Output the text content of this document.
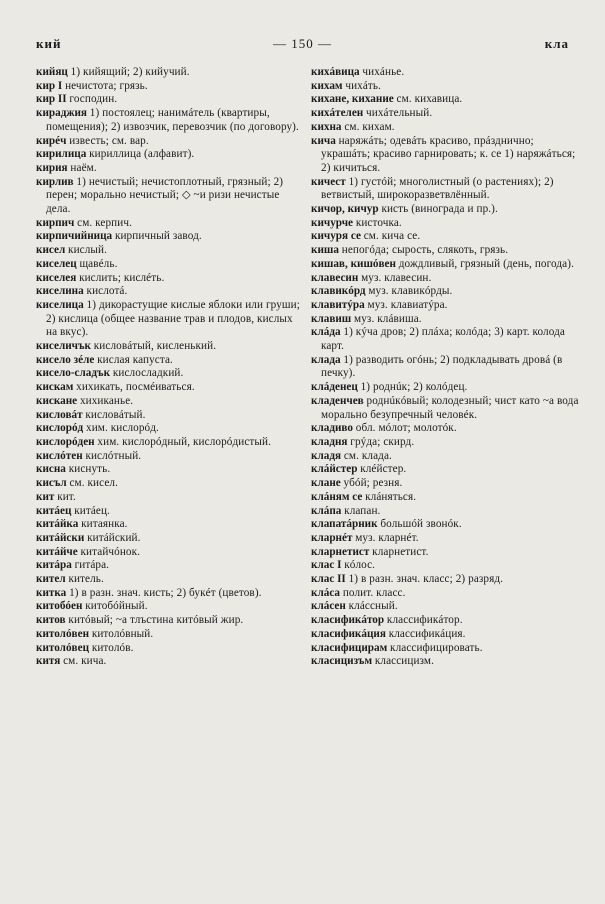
кий	— 150 —	кла

кийяц 1) кийящий; 2) кийучий.

кир I нечистота; грязь.

кир II господин.

кираджия 1) постоялец; нанимáтель (квартиры, помещения); 2) извозчик, перевозчик (по договору).

кирéч известь; см. вар.

кирилица кириллица (алфавит).

кирия наём.

кирлив 1) нечистый; нечистоплотный, грязный; 2) перен; морально нечистый; ◇ ~и ризи нечистые дела.

кирпич см. керпич.

кирпичийница кирпичный завод.

кисел кислый.

киселец щавéль.

киселея кислить; кислéть.

киселина кислотá.

киселица 1) дикорастущие кислые яблоки или груши; 2) кислица (общее название трав и плодов, кислых на вкус).

киселичък кисловáтый, кисленький.

кисело зéле кислая капуста.

кисело-сладък кислосладкий.

кискам хихикать, посмéиваться.

кискане хихиканье.

кисловáт кисловáтый.

кислорóд хим. кислорóд.

кислорóден хим. кислорóдный, кислорóдистый.

кислóтен кислóтный.

кисна киснуть.

кисъл см. кисел.

кит кит.

китáец китáец.

китáйка китаянка.

китáйски китáйский.

китáйче китайчóнок.

китáра гитáра.

кител китель.

китка 1) в разн. знач. кисть; 2) букéт (цветов).

китобóен китобóйный.

китов китóвый; ~а тлъстина китóвый жир.

китолóвен китолóвный.

китолóвец китолóв.

китя см. кича.

кихáвица чихáнье.

кихам чихáть.

кихане, кихание см. кихавица.

кихáтелен чихáтельный.

кихна см. кихам.

кича наряжáть; одевáть красиво, прáздничнo; украшáть; красиво гарнировать; к. се 1) наряжáться; 2) кичиться.

кичест 1) густóй; многолистный (о растениях); 2) ветвистый, широкоразветвлённый.

кичор, кичур кисть (винограда и пр.).

кичурче кисточка.

кичуря се см. кича се.

киша непогóда; сырость, слякоть, грязь.

кишав, кишóвен дождливый, грязный (день, погода).

клавесин муз. клавесин.

клавикóрд муз. клавикóрды.

клавитýра муз. клавиатýра.

клавиш муз. клáвиша.

клáда 1) кýча дров; 2) плáха; колóда; 3) карт. колода карт.

клада 1) разводить огóнь; 2) подкладывать дровá (в печку).

клáденец 1) роднúк; 2) колóдец.

кладенчев роднúкóвый; колодезный; чист като ~а вода морально безупречный человéк.

кладиво обл. мóлот; молотóк.

кладня грýда; скирд.

кладя см. клада.

клáйстер клéйстер.

клане убóй; резня.

клáням се клáняться.

клáпа клапан.

клапатáрник большóй звонóк.

кларнéт муз. кларнéт.

кларнетист кларнетист.

клас I кóлос.

клас II 1) в разн. знач. класс; 2) разряд.

клáса полит. класс.

клáсен клáссный.

класификáтор классификáтор.

класификáция классификáция.

класифицирам классифицировать.

класицизъм классицизм.
